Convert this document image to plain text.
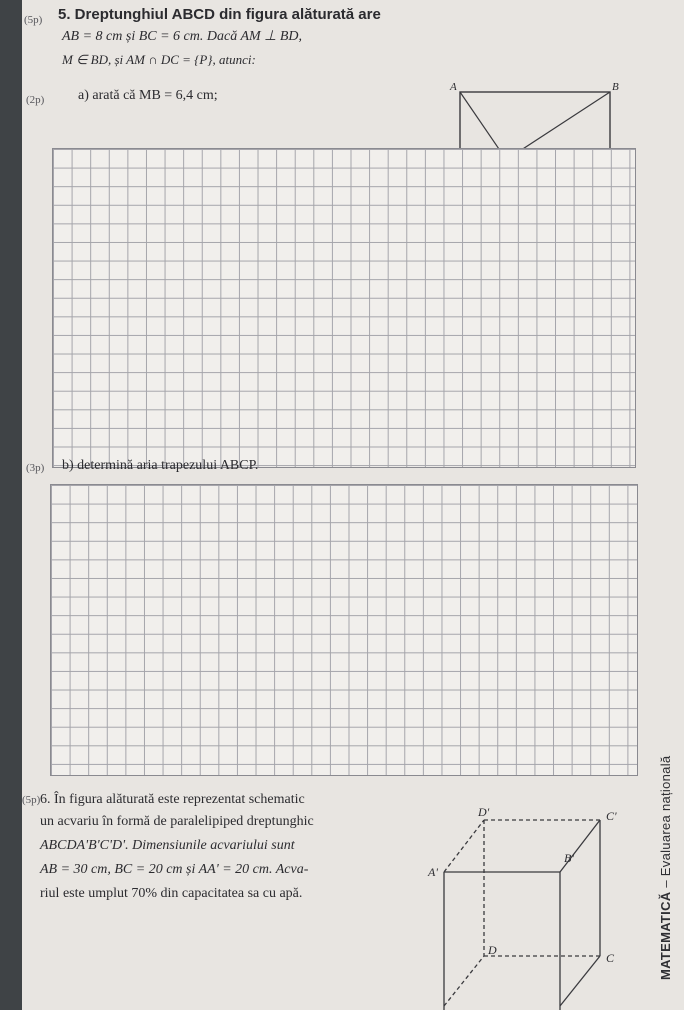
(5p) 5. Dreptunghiul ABCD din figura alăturată are
AB = 8 cm și BC = 6 cm. Dacă AM ⊥ BD,
M ∈ BD, și AM ∩ DC = {P}, atunci:
(2p) a) arată că MB = 6,4 cm;
A	B
(3p) b) determină aria trapezului ABCP.
(5p) 6. În figura alăturată este reprezentat schematic
un acvariu în formă de paralelipiped dreptunghic
ABCDA'B'C'D'. Dimensiunile acvariului sunt
AB = 30 cm, BC = 20 cm și AA' = 20 cm. Acva-
riul este umplut 70% din capacitatea sa cu apă.
D'	C'
B'
A'
D
C	MATEMATICĂ – Evaluarea națională
